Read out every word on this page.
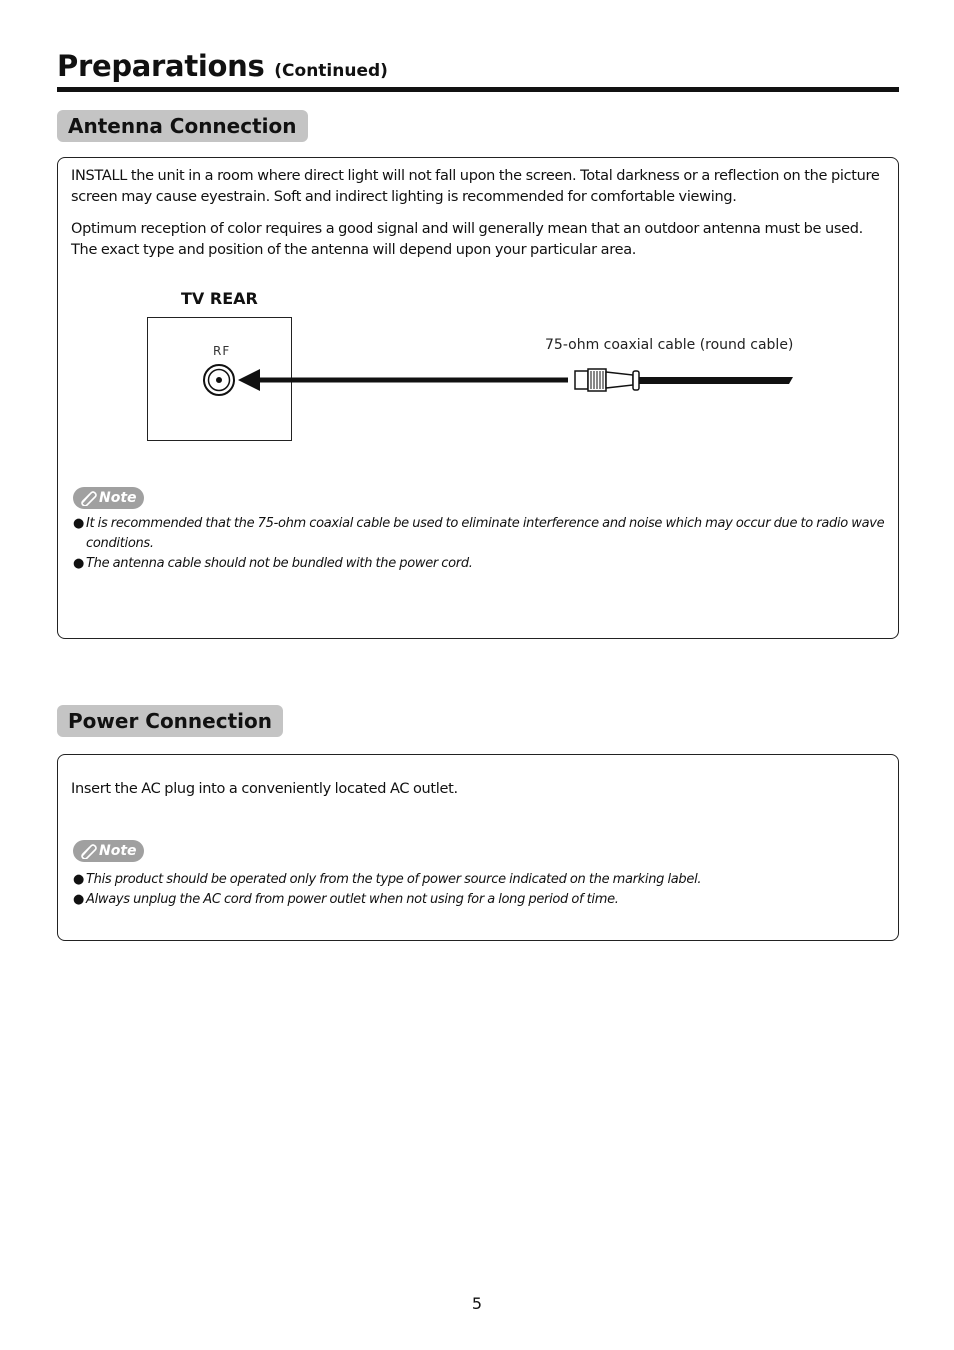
Preparations (Continued)
Antenna Connection

INSTALL the unit in a room where direct light will not fall upon the screen. Total darkness or a reflection on the picture screen may cause eyestrain. Soft and indirect lighting is recommended for comfortable viewing.

Optimum reception of color requires a good signal and will generally mean that an outdoor antenna must be used. The exact type and position of the antenna will depend upon your particular area.

TV REAR
RF	75-ohm coaxial cable (round cable)
Note
● It is recommended that the 75-ohm coaxial cable be used to eliminate interference and noise which may occur due to radio wave conditions.
● The antenna cable should not be bundled with the power cord.
Power Connection

Insert the AC plug into a conveniently located AC outlet.

Note
● This product should be operated only from the type of power source indicated on the marking label.
● Always unplug the AC cord from power outlet when not using for a long period of time.
5
